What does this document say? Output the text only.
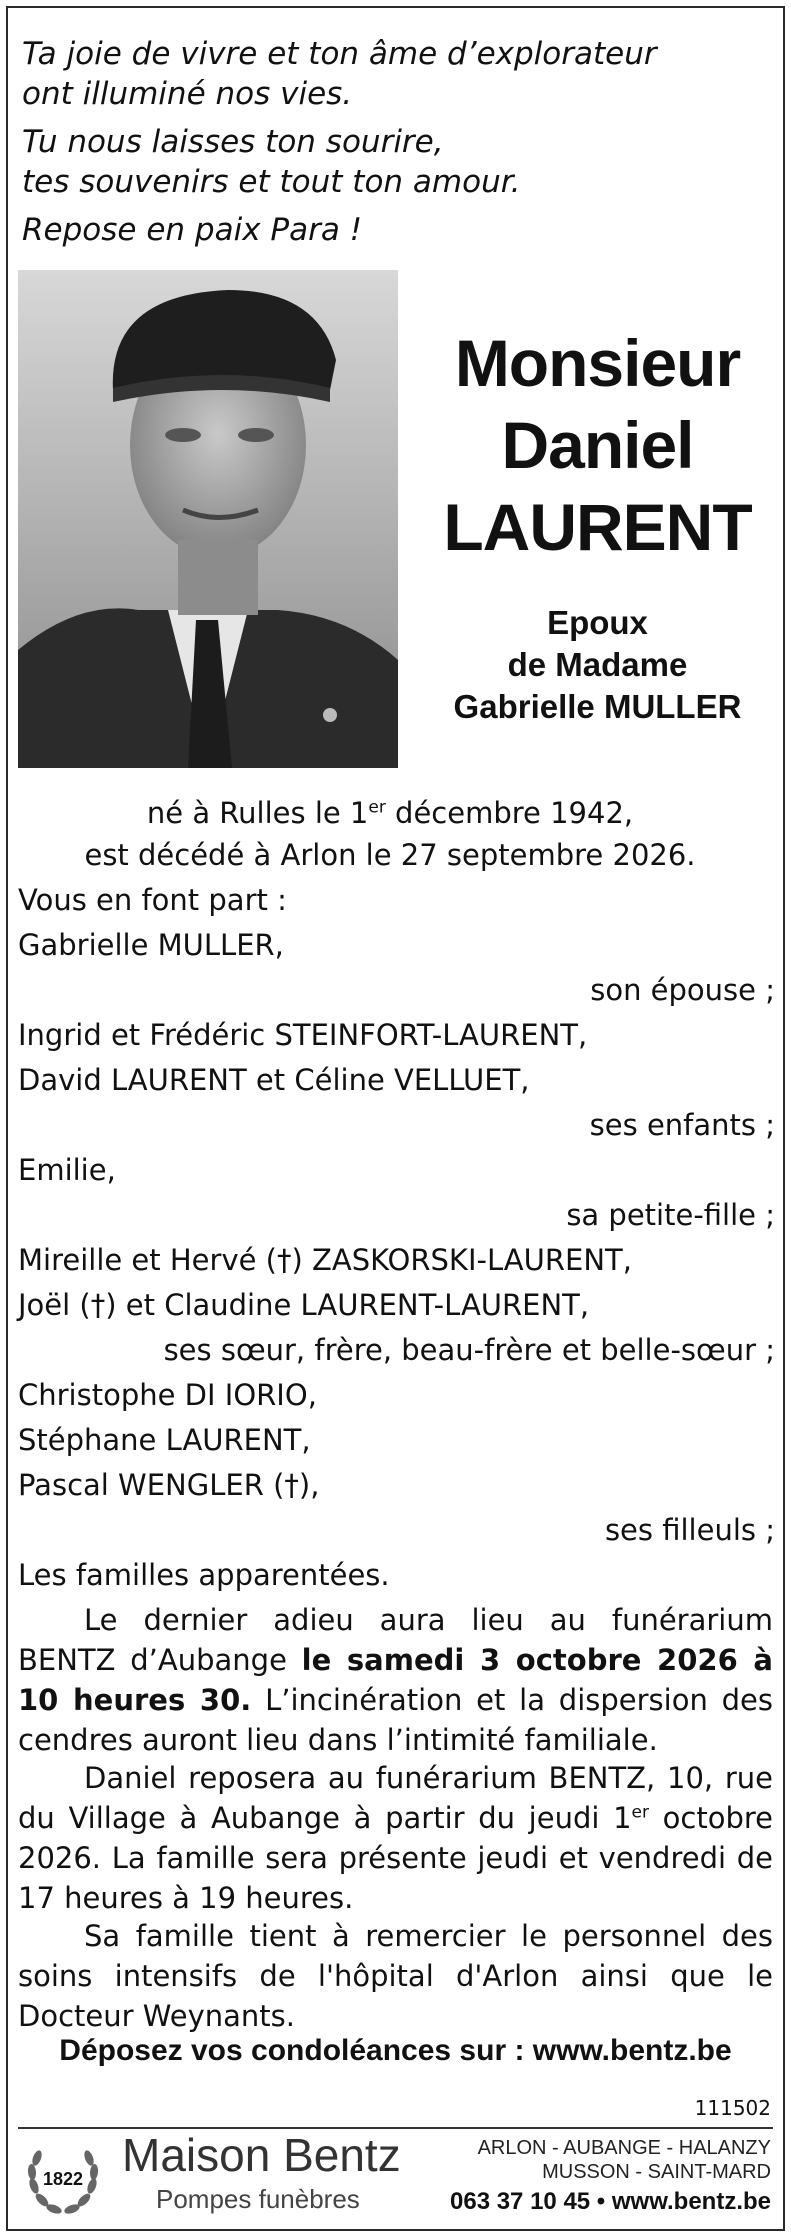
Ta joie de vivre et ton âme d’explorateur
ont illuminé nos vies.
Tu nous laisses ton sourire,
tes souvenirs et tout ton amour.
Repose en paix Para !
Monsieur
Daniel
LAURENT
Epoux
de Madame
Gabrielle MULLER
né à Rulles le 1er décembre 1942,
est décédé à Arlon le 27 septembre 2026.
Vous en font part :
Gabrielle MULLER,
son épouse ;
Ingrid et Frédéric STEINFORT-LAURENT,
David LAURENT et Céline VELLUET,
ses enfants ;
Emilie,
sa petite-fille ;
Mireille et Hervé (†) ZASKORSKI-LAURENT,
Joël (†) et Claudine LAURENT-LAURENT,
ses sœur, frère, beau-frère et belle-sœur ;
Christophe DI IORIO,
Stéphane LAURENT,
Pascal WENGLER (†),
ses filleuls ;
Les familles apparentées.
Le dernier adieu aura lieu au funérarium BENTZ d’Aubange le samedi 3 octobre 2026 à 10 heures 30. L’incinération et la dispersion des cendres auront lieu dans l’intimité familiale.
Daniel reposera au funérarium BENTZ, 10, rue du Village à Aubange à partir du jeudi 1er octobre 2026. La famille sera présente jeudi et vendredi de 17 heures à 19 heures.
Sa famille tient à remercier le personnel des soins intensifs de l'hôpital d'Arlon ainsi que le Docteur Weynants.
Déposez vos condoléances sur : www.bentz.be
111502
1822 Maison Bentz
Pompes funèbres
ARLON - AUBANGE - HALANZY
MUSSON - SAINT-MARD
063 37 10 45 • www.bentz.be
